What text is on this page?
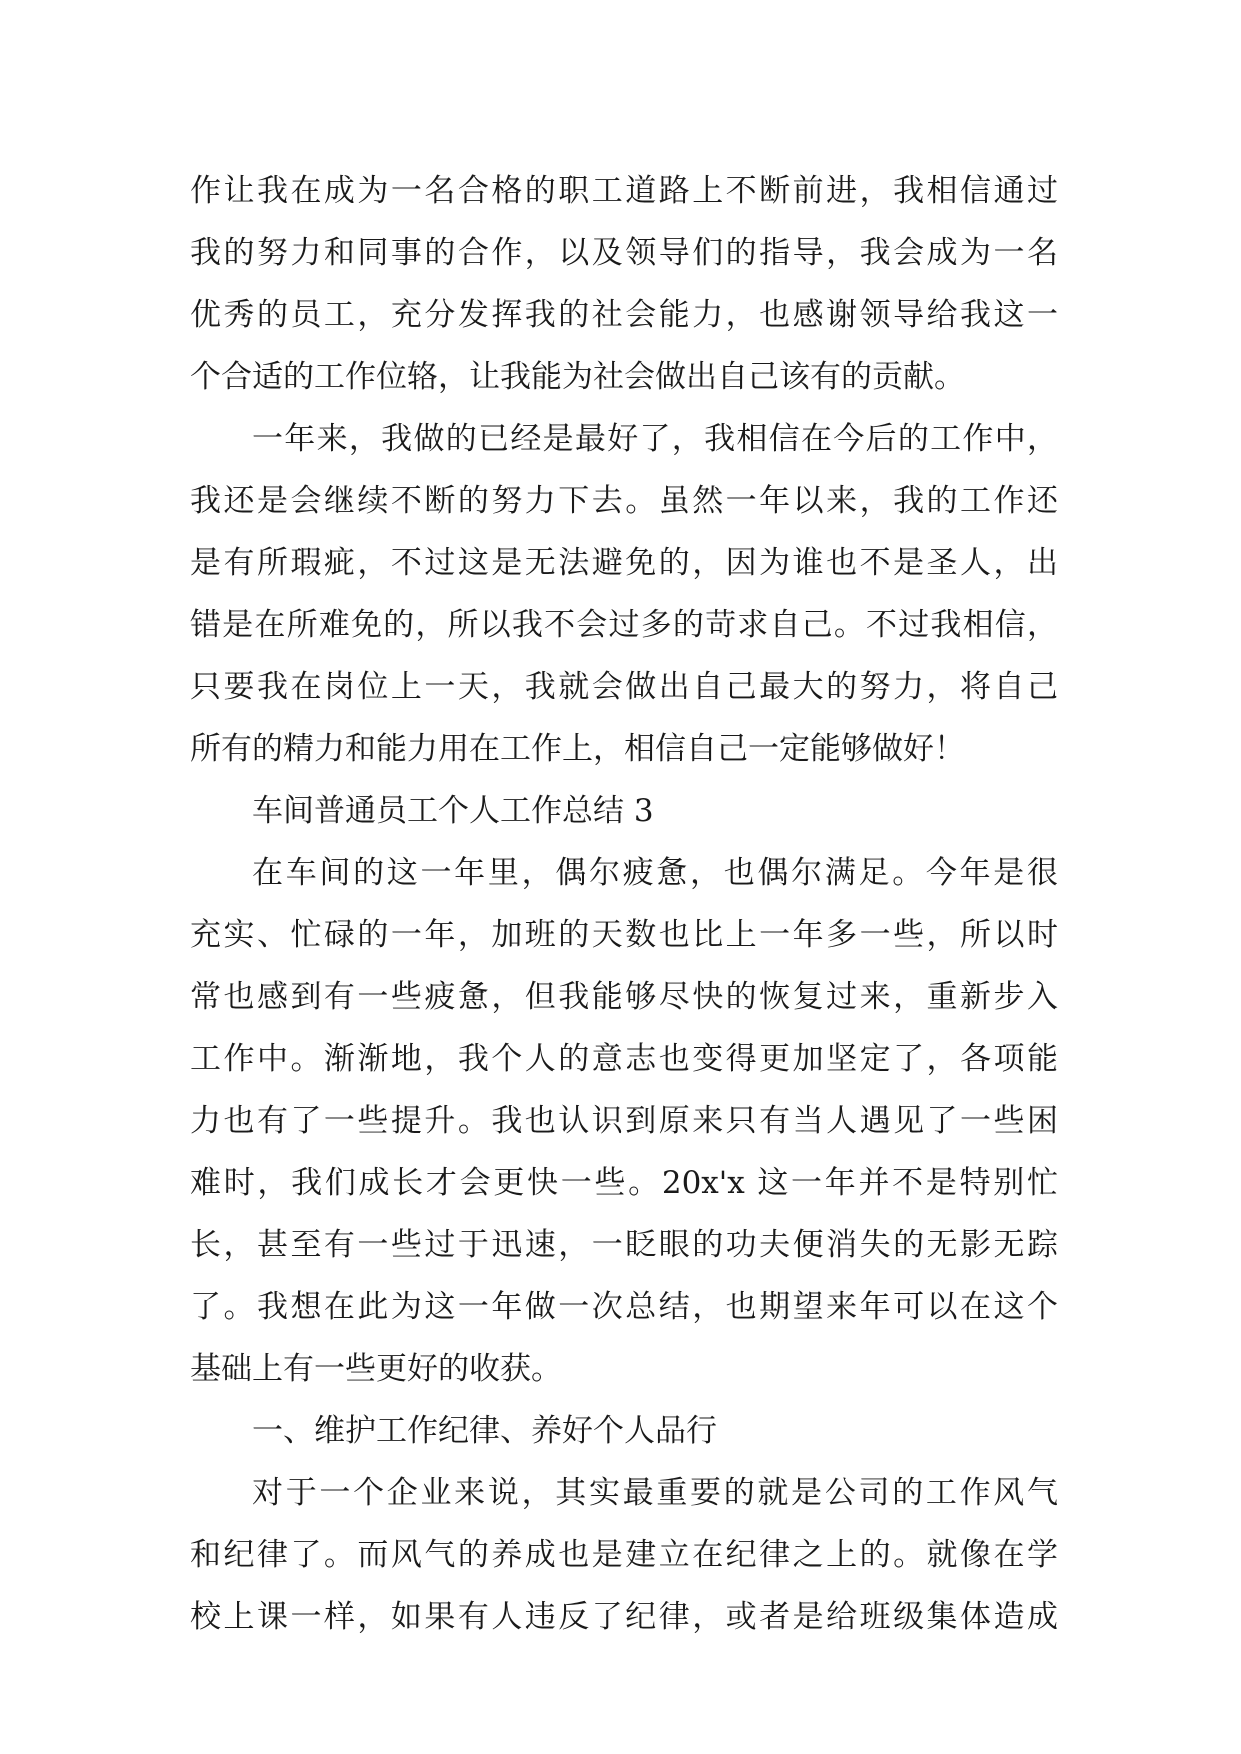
作让我在成为一名合格的职工道路上不断前进，我相信通过
我的努力和同事的合作，以及领导们的指导，我会成为一名
优秀的员工，充分发挥我的社会能力，也感谢领导给我这一
个合适的工作位辂，让我能为社会做出自己该有的贡献。
一年来，我做的已经是最好了，我相信在今后的工作中，
我还是会继续不断的努力下去。虽然一年以来，我的工作还
是有所瑕疵，不过这是无法避免的，因为谁也不是圣人，出
错是在所难免的，所以我不会过多的苛求自己。不过我相信，
只要我在岗位上一天，我就会做出自己最大的努力，将自己
所有的精力和能力用在工作上，相信自己一定能够做好！
车间普通员工个人工作总结 3
在车间的这一年里，偶尔疲惫，也偶尔满足。今年是很
充实、忙碌的一年，加班的天数也比上一年多一些，所以时
常也感到有一些疲惫，但我能够尽快的恢复过来，重新步入
工作中。渐渐地，我个人的意志也变得更加坚定了，各项能
力也有了一些提升。我也认识到原来只有当人遇见了一些困
难时，我们成长才会更快一些。20x'x 这一年并不是特别忙
长，甚至有一些过于迅速，一眨眼的功夫便消失的无影无踪
了。我想在此为这一年做一次总结，也期望来年可以在这个
基础上有一些更好的收获。
一、维护工作纪律、养好个人品行
对于一个企业来说，其实最重要的就是公司的工作风气
和纪律了。而风气的养成也是建立在纪律之上的。就像在学
校上课一样，如果有人违反了纪律，或者是给班级集体造成
